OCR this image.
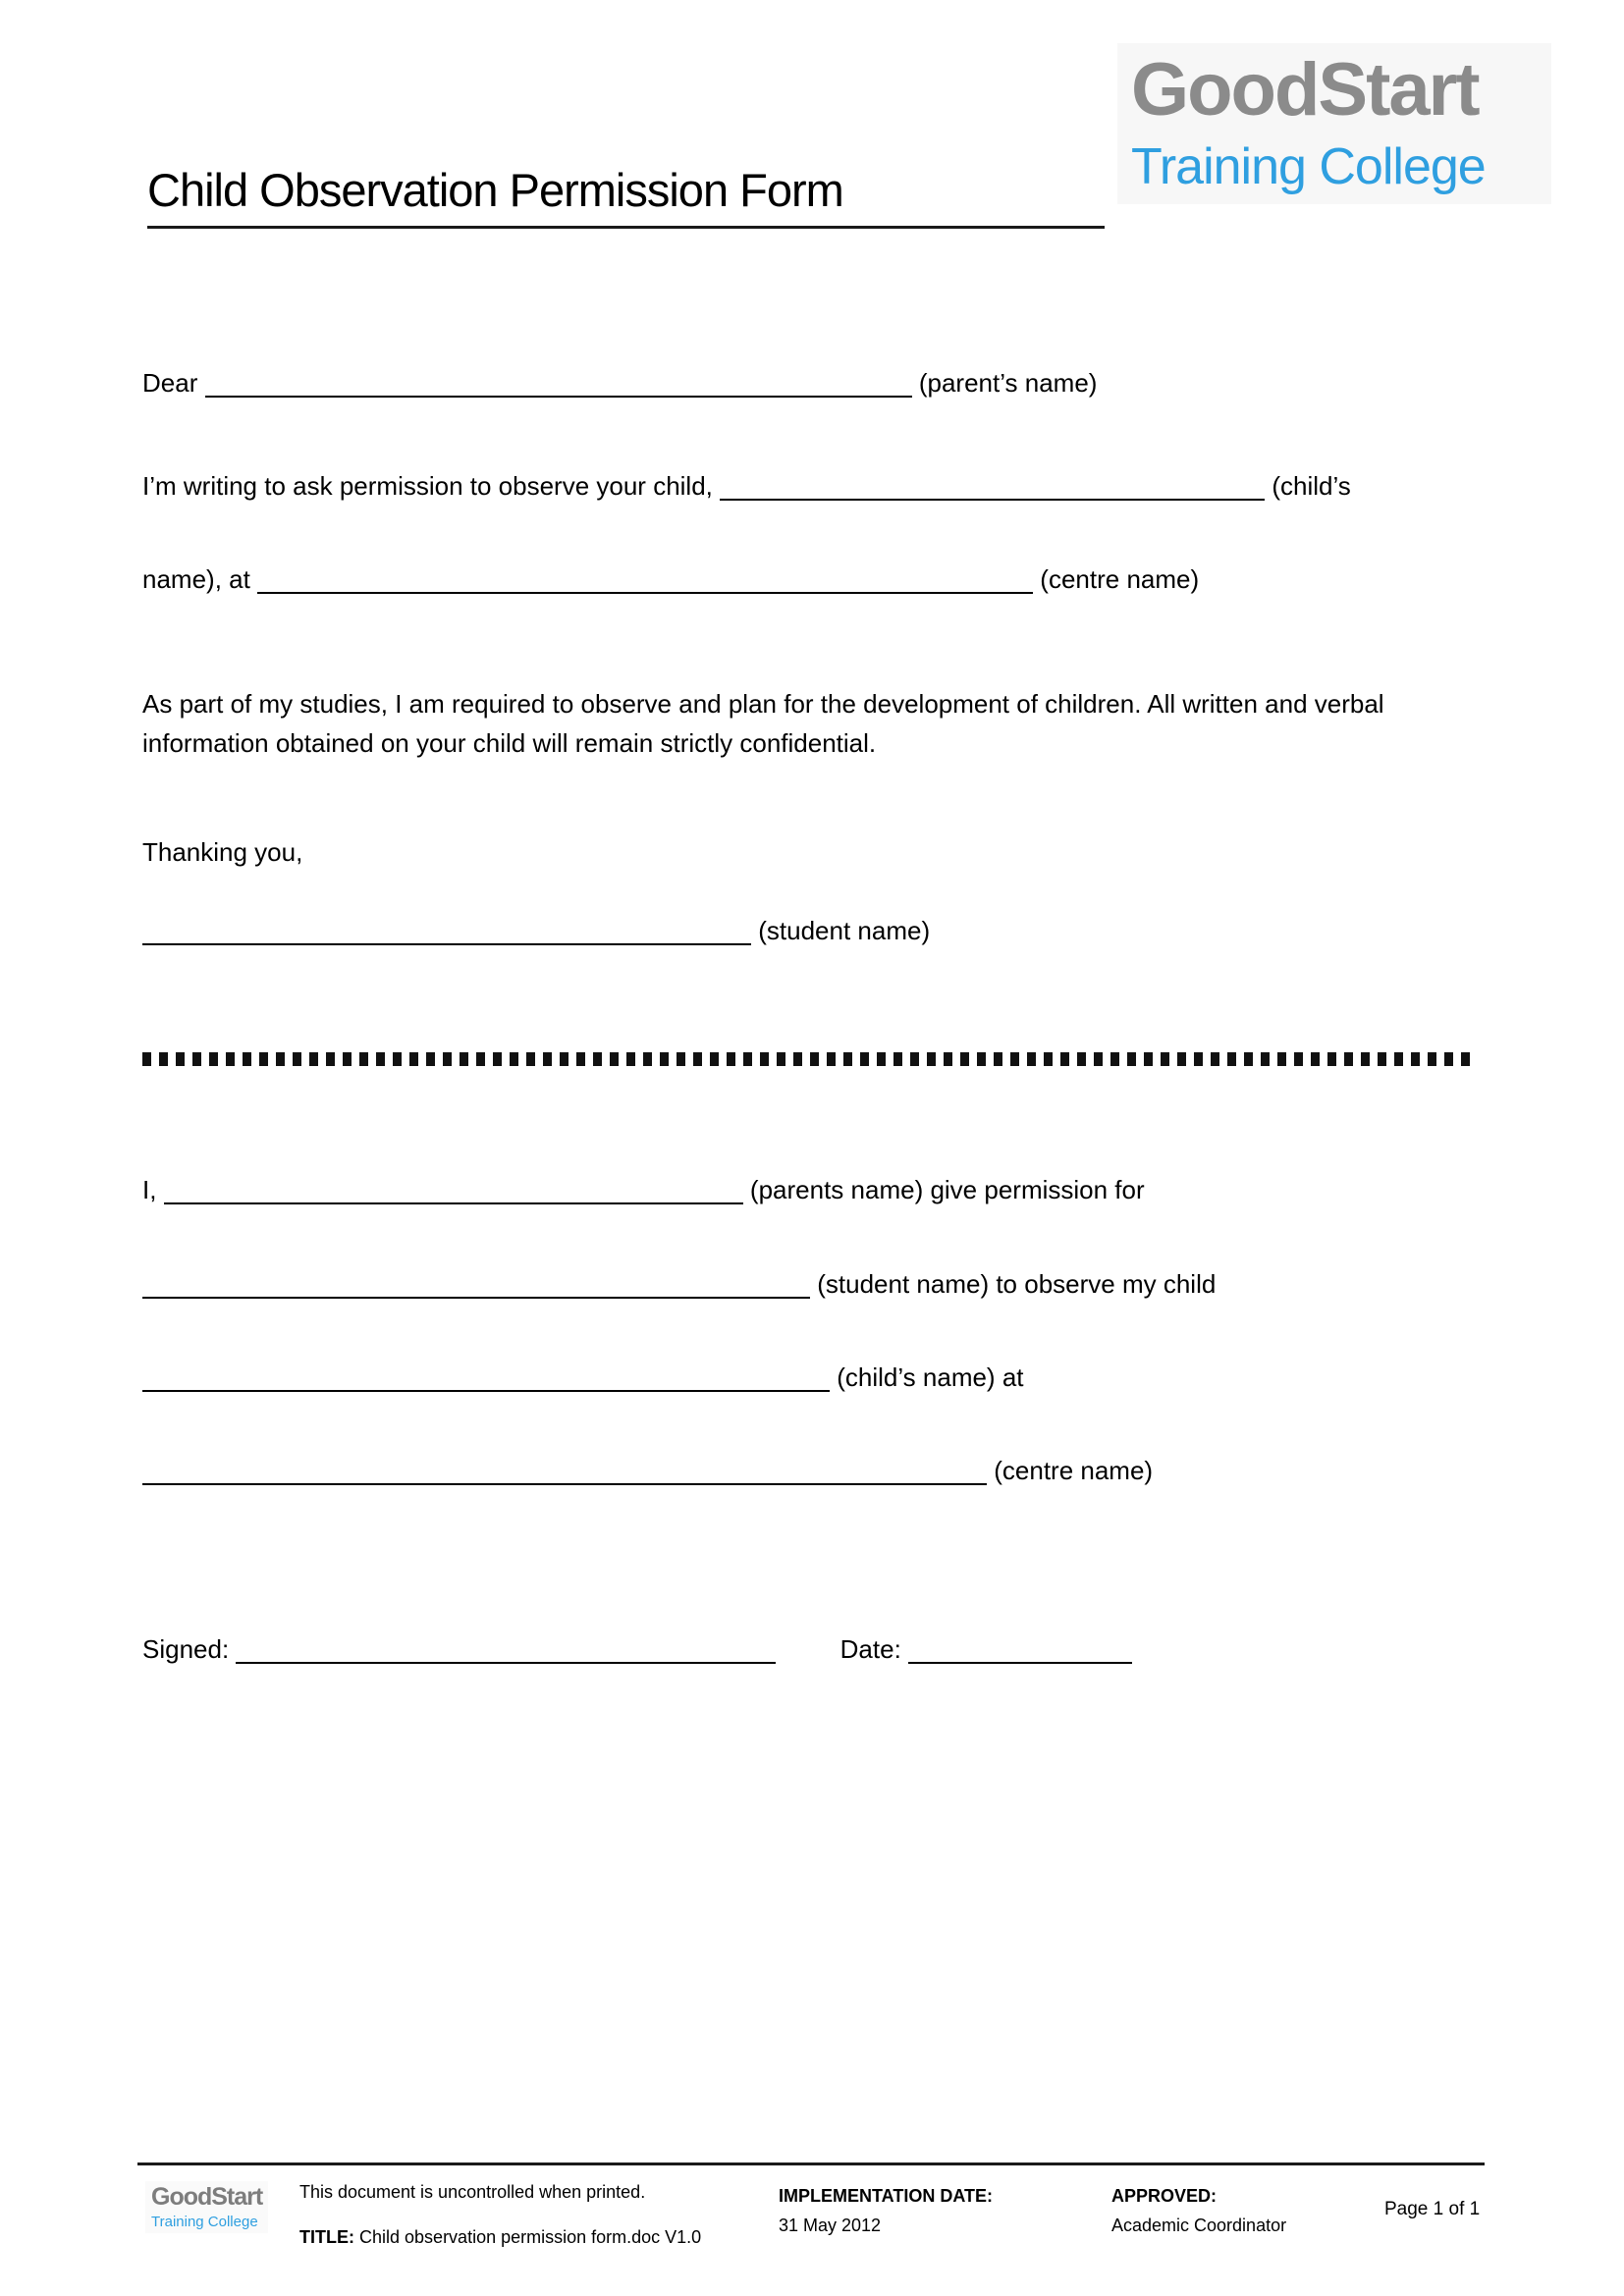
GoodStart
Training College
Child Observation Permission Form
Dear	(parent’s name)
I’m writing to ask permission to observe your child,	(child’s
name), at	(centre name)
As part of my studies, I am required to observe and plan for the development of children. All written and verbal information obtained on your child will remain strictly confidential.
Thanking you,
(student name)
I,	(parents name) give permission for
(student name) to observe my child
(child’s name) at
(centre name)
Signed:	Date:
GoodStart
Training College
This document is uncontrolled when printed.
TITLE: Child observation permission form.doc V1.0
IMPLEMENTATION DATE:
31 May 2012
APPROVED:
Academic Coordinator
Page 1 of 1
